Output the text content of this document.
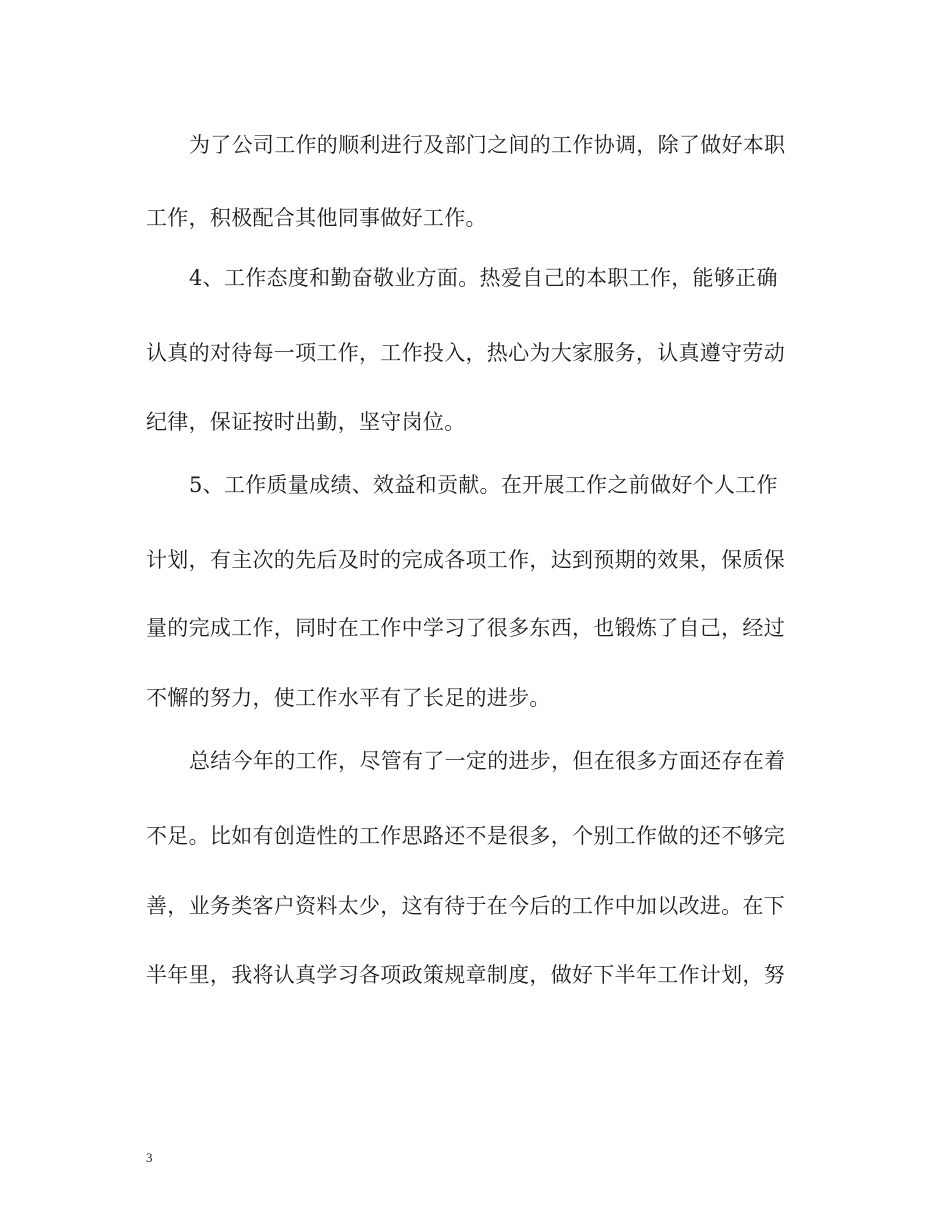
为了公司工作的顺利进行及部门之间的工作协调，除了做好本职
工作，积极配合其他同事做好工作。
4、工作态度和勤奋敬业方面。热爱自己的本职工作，能够正确
认真的对待每一项工作，工作投入，热心为大家服务，认真遵守劳动
纪律，保证按时出勤，坚守岗位。
5、工作质量成绩、效益和贡献。在开展工作之前做好个人工作
计划，有主次的先后及时的完成各项工作，达到预期的效果，保质保
量的完成工作，同时在工作中学习了很多东西，也锻炼了自己，经过
不懈的努力，使工作水平有了长足的进步。
总结今年的工作，尽管有了一定的进步，但在很多方面还存在着
不足。比如有创造性的工作思路还不是很多，个别工作做的还不够完
善，业务类客户资料太少，这有待于在今后的工作中加以改进。在下
半年里，我将认真学习各项政策规章制度，做好下半年工作计划，努
3
